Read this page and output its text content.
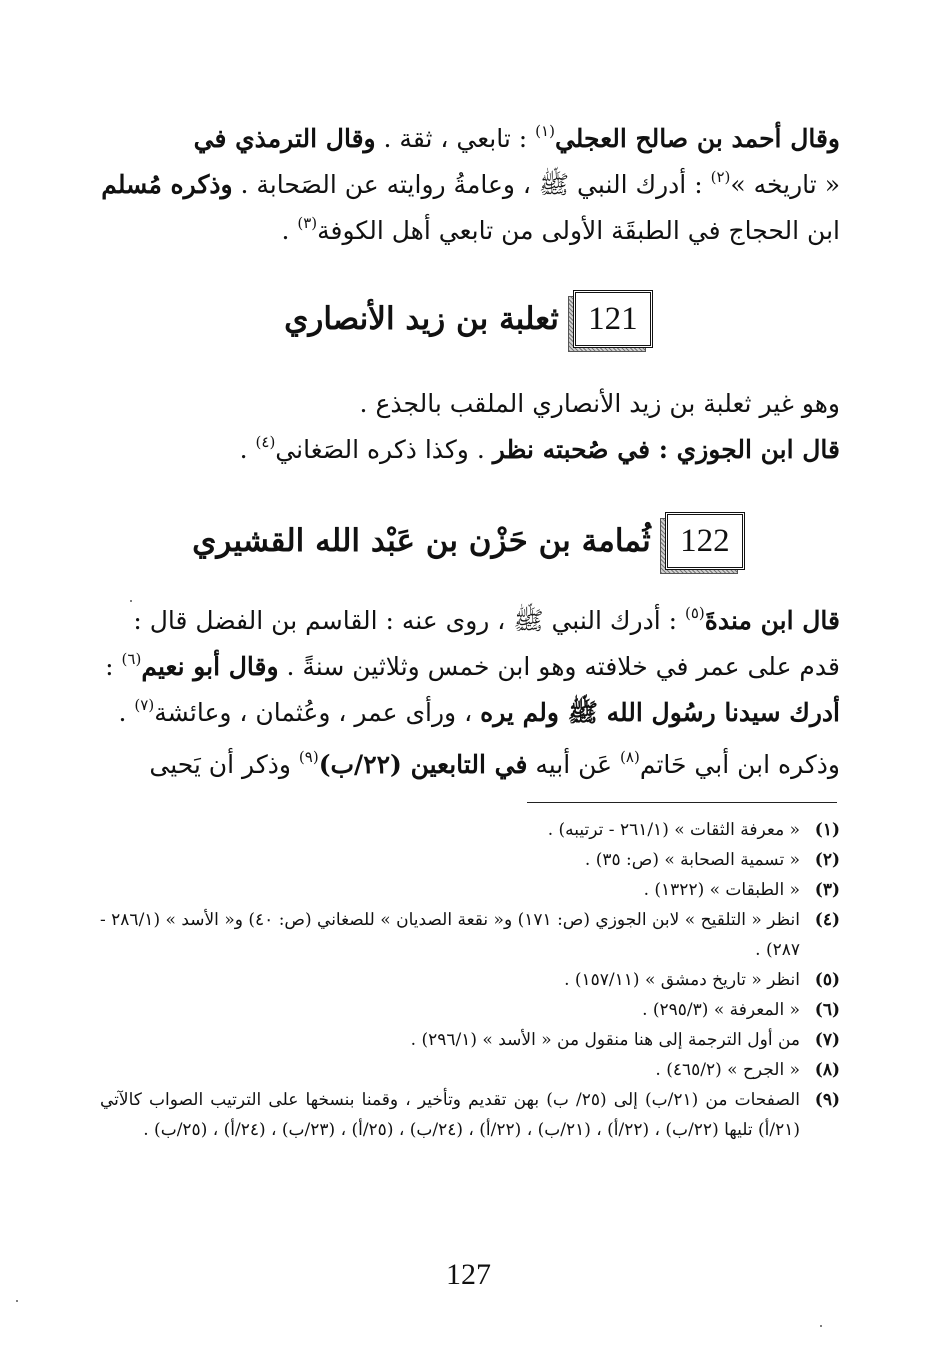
وقال أحمد بن صالح العجلي$^{(١)}$ : تابعي ، ثقة . وقال الترمذي في
« تاريخه »$^{(٢)}$ : أدرك النبي ﷺ ، وعامةُ روايته عن الصَحابة . وذكره مُسلم
ابن الحجاج في الطبقَة الأولى من تابعي أهل الكوفة$^{(٣)}$ .
121
ثعلبة بن زيد الأنصاري
وهو غير ثعلبة بن زيد الأنصاري الملقب بالجذع .
قال ابن الجوزي : في صُحبته نظر . وكذا ذكره الصَغاني$^{(٤)}$ .
122
ثُمامة بن حَزْن بن عَبْد الله القشيري
قال ابن مندةَ$^{(٥)}$ : أدرك النبي ﷺ ، روى عنه : القاسم بن الفضل قال :
قدم على عمر في خلافته وهو ابن خمس وثلاثين سنةً . وقال أبو نعيم$^{(٦)}$ :
أدرك سيدنا رسُول الله ﷺ ولم يره ، ورأى عمر ، وعُثمان ، وعائشة$^{(٧)}$ .
وذكره ابن أبي حَاتم$^{(٨)}$ عَن أبيه في التابعين (٢٢/ب)$^{(٩)}$ وذكر أن يَحيى
(١)
« معرفة الثقات » (٢٦١/١ - ترتيبه) .
(٢)
« تسمية الصحابة » (ص: ٣٥) .
(٣)
« الطبقات » (١٣٢٢) .
(٤)
انظر « التلقيح » لابن الجوزي (ص: ١٧١) و« نقعة الصديان » للصغاني (ص: ٤٠) و« الأسد » (٢٨٦/١ - ٢٨٧) .
(٥)
انظر « تاريخ دمشق » (١٥٧/١١) .
(٦)
« المعرفة » (٢٩٥/٣) .
(٧)
من أول الترجمة إلى هنا منقول من « الأسد » (٢٩٦/١) .
(٨)
« الجرح » (٤٦٥/٢) .
(٩)
الصفحات من (٢١/ب) إلى (٢٥/ ب) بهن تقديم وتأخير ، وقمنا بنسخها على الترتيب الصواب كالآتي (٢١/أ) تليها (٢٢/ب) ، (٢٢/أ) ، (٢١/ب) ، (٢٢/أ) ، (٢٤/ب) ، (٢٥/أ) ، (٢٣/ب) ، (٢٤/أ) ، (٢٥/ب) .
127
